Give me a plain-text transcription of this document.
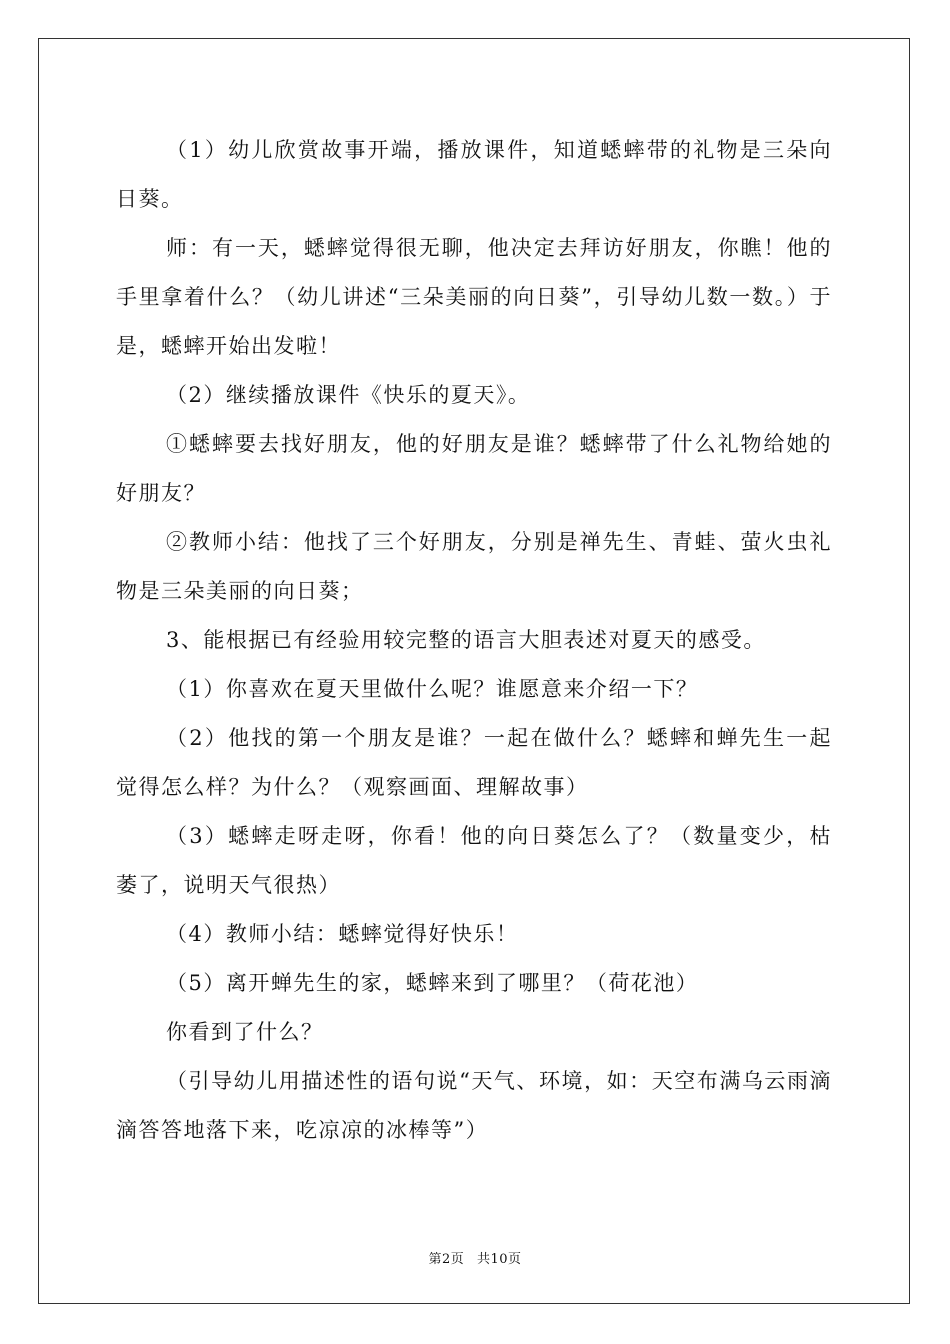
（1）幼儿欣赏故事开端，播放课件，知道蟋蟀带的礼物是三朵向日葵。

师：有一天，蟋蟀觉得很无聊，他决定去拜访好朋友，你瞧！他的手里拿着什么？（幼儿讲述“三朵美丽的向日葵”，引导幼儿数一数。）于是，蟋蟀开始出发啦！

（2）继续播放课件《快乐的夏天》。

①蟋蟀要去找好朋友，他的好朋友是谁？蟋蟀带了什么礼物给她的好朋友？

②教师小结：他找了三个好朋友，分别是禅先生、青蛙、萤火虫礼物是三朵美丽的向日葵；

3、能根据已有经验用较完整的语言大胆表述对夏天的感受。

（1）你喜欢在夏天里做什么呢？谁愿意来介绍一下？

（2）他找的第一个朋友是谁？一起在做什么？蟋蟀和蝉先生一起觉得怎么样？为什么？（观察画面、理解故事）

（3）蟋蟀走呀走呀，你看！他的向日葵怎么了？（数量变少，枯萎了，说明天气很热）

（4）教师小结：蟋蟀觉得好快乐！

（5）离开蝉先生的家，蟋蟀来到了哪里？（荷花池）

你看到了什么？

（引导幼儿用描述性的语句说“天气、环境，如：天空布满乌云雨滴滴答答地落下来，吃凉凉的冰棒等”）

第2页 共10页
